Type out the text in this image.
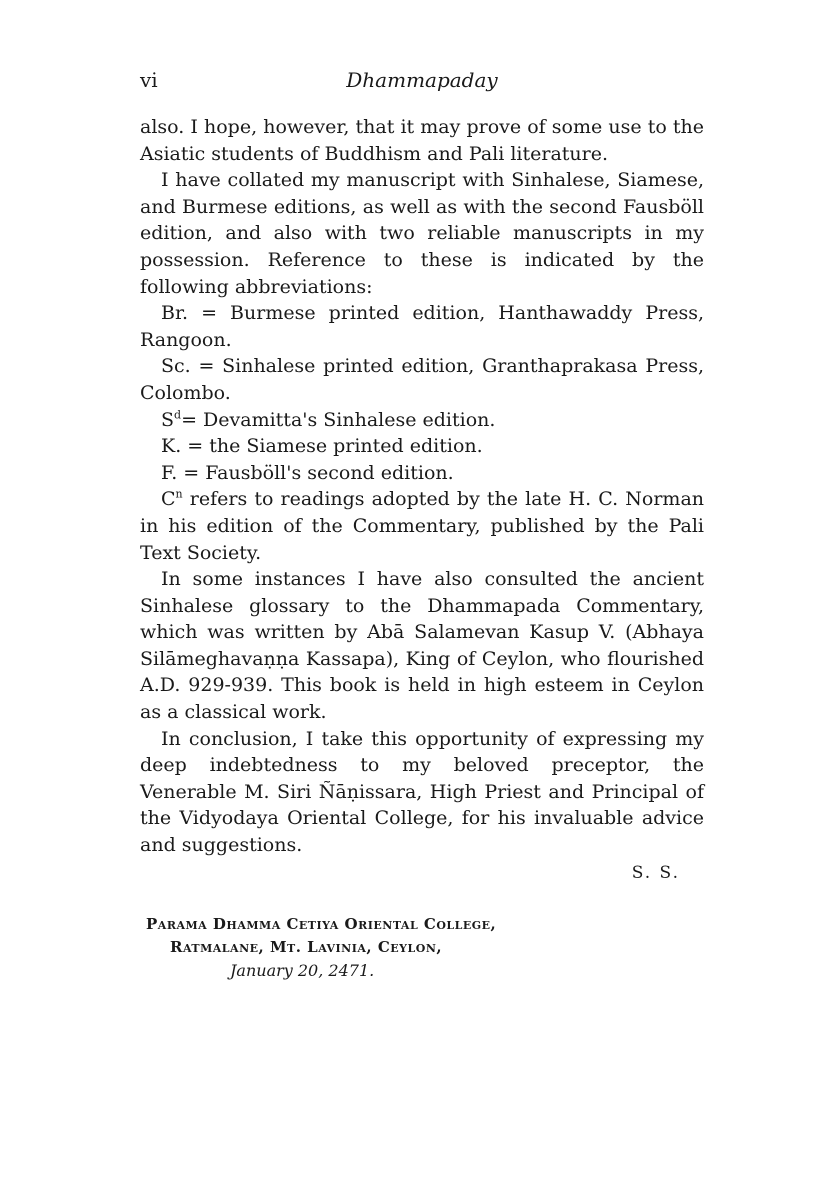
vi	Dhammapaday

also. I hope, however, that it may prove of some use to the Asiatic students of Buddhism and Pali literature.

I have collated my manuscript with Sinhalese, Siamese, and Burmese editions, as well as with the second Fausböll edition, and also with two reliable manuscripts in my possession. Reference to these is indicated by the following abbreviations:

Br. = Burmese printed edition, Hanthawaddy Press, Rangoon.

Sc. = Sinhalese printed edition, Granthaprakasa Press, Colombo.

$S^d=$ Devamitta's Sinhalese edition.

K. = the Siamese printed edition.

F. = Fausböll's second edition.

$C^n$ refers to readings adopted by the late H. C. Norman in his edition of the Commentary, published by the Pali Text Society.

In some instances I have also consulted the ancient Sinhalese glossary to the Dhammapada Commentary, which was written by Abā Salamevan Kasup V. (Abhaya Silāmeghavaṇṇa Kassapa), King of Ceylon, who flourished A.D. 929-939. This book is held in high esteem in Ceylon as a classical work.

In conclusion, I take this opportunity of expressing my deep indebtedness to my beloved preceptor, the Venerable M. Siri Ñāṇissara, High Priest and Principal of the Vidyodaya Oriental College, for his invaluable advice and suggestions.

S. S.

Parama Dhamma Cetiya Oriental College,

Ratmalane, Mt. Lavinia, Ceylon,

January 20, 2471.
